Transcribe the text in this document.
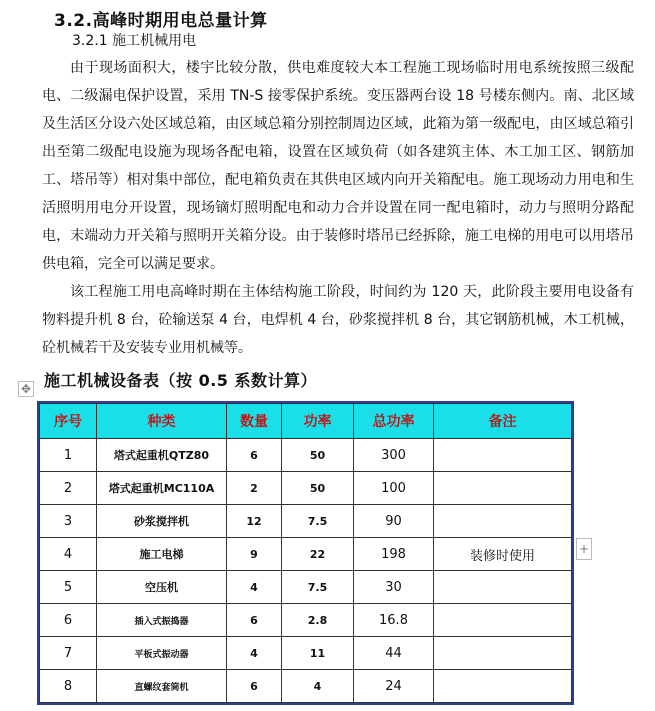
3.2.高峰时期用电总量计算
3.2.1 施工机械用电

由于现场面积大，楼宇比较分散，供电难度较大本工程施工现场临时用电系统按照三级配电、二级漏电保护设置，采用 TN-S 接零保护系统。变压器两台设 18 号楼东侧内。南、北区域及生活区分设六处区域总箱，由区域总箱分别控制周边区域，此箱为第一级配电，由区域总箱引出至第二级配电设施为现场各配电箱，设置在区域负荷（如各建筑主体、木工加工区、钢筋加工、塔吊等）相对集中部位，配电箱负责在其供电区域内向开关箱配电。施工现场动力用电和生活照明用电分开设置，现场镝灯照明配电和动力合并设置在同一配电箱时，动力与照明分路配电，末端动力开关箱与照明开关箱分设。由于装修时塔吊已经拆除，施工电梯的用电可以用塔吊供电箱，完全可以满足要求。

该工程施工用电高峰时期在主体结构施工阶段，时间约为 120 天，此阶段主要用电设备有物料提升机 8 台，砼输送泵 4 台，电焊机 4 台，砂浆搅拌机 8 台，其它钢筋机械，木工机械，砼机械若干及安装专业用机械等。

✥ 施工机械设备表（按 0.5 系数计算）
序号	种类	数量	功率	总功率	备注
1	塔式起重机QTZ80	6	50	300	
2	塔式起重机MC110A	2	50	100	
3	砂浆搅拌机	12	7.5	90	
4	施工电梯	9	22	198	装修时使用
5	空压机	4	7.5	30	
6	插入式振捣器	6	2.8	16.8	
7	平板式振动器	4	11	44	
8	直螺纹套筒机	6	4	24	
+
